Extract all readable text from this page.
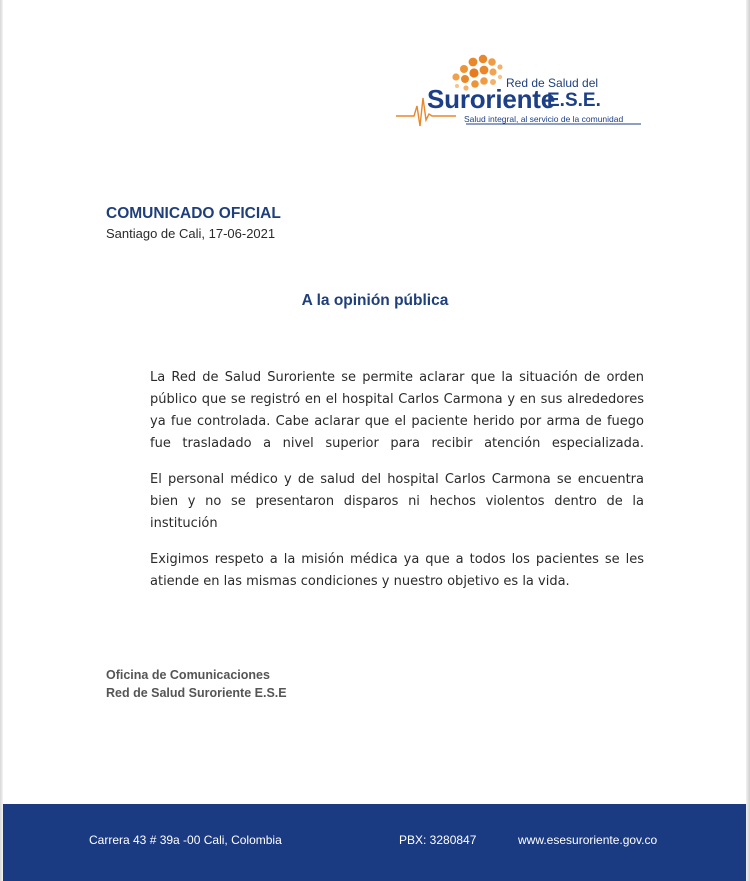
Red de Salud del
Suroriente
E.S.E.
Salud integral, al servicio de la comunidad
COMUNICADO OFICIAL
Santiago de Cali, 17-06-2021
A la opinión pública

La Red de Salud Suroriente se permite aclarar que la situación de orden público que se registró en el hospital Carlos Carmona y en sus alrededores ya fue controlada. Cabe aclarar que el paciente herido por arma de fuego fue trasladado a nivel superior para recibir atención especializada.

El personal médico y de salud del hospital Carlos Carmona se encuentra bien y no se presentaron disparos ni hechos violentos dentro de la institución

Exigimos respeto a la misión médica ya que a todos los pacientes se les atiende en las mismas condiciones y nuestro objetivo es la vida.

Oficina de Comunicaciones
Red de Salud Suroriente E.S.E
Carrera 43 # 39a -00 Cali, Colombia	PBX: 3280847	www.esesuroriente.gov.co
